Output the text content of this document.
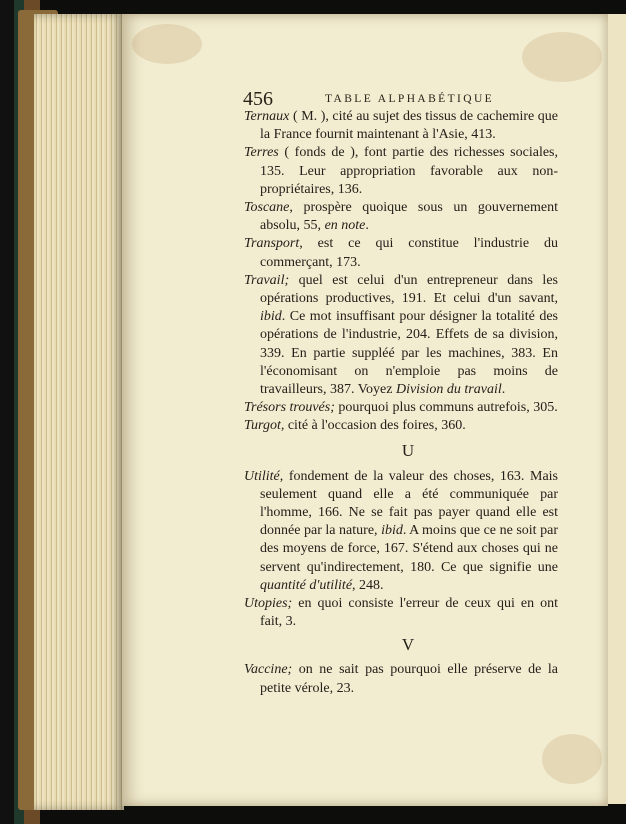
456	TABLE ALPHABÉTIQUE

Ternaux ( M. ), cité au sujet des tissus de cachemire que la France fournit maintenant à l'Asie, 413.

Terres ( fonds de ), font partie des richesses sociales, 135. Leur appropriation favorable aux non-propriétaires, 136.

Toscane, prospère quoique sous un gouvernement absolu, 55, en note.

Transport, est ce qui constitue l'industrie du commerçant, 173.

Travail; quel est celui d'un entrepreneur dans les opérations productives, 191. Et celui d'un savant, ibid. Ce mot insuffisant pour désigner la totalité des opérations de l'industrie, 204. Effets de sa division, 339. En partie suppléé par les machines, 383. En l'économisant on n'emploie pas moins de travailleurs, 387. Voyez Division du travail.

Trésors trouvés; pourquoi plus communs autrefois, 305.

Turgot, cité à l'occasion des foires, 360.

U

Utilité, fondement de la valeur des choses, 163. Mais seulement quand elle a été communiquée par l'homme, 166. Ne se fait pas payer quand elle est donnée par la nature, ibid. A moins que ce ne soit par des moyens de force, 167. S'étend aux choses qui ne servent qu'indirectement, 180. Ce que signifie une quantité d'utilité, 248.

Utopies; en quoi consiste l'erreur de ceux qui en ont fait, 3.

V

Vaccine; on ne sait pas pourquoi elle préserve de la petite vérole, 23.
